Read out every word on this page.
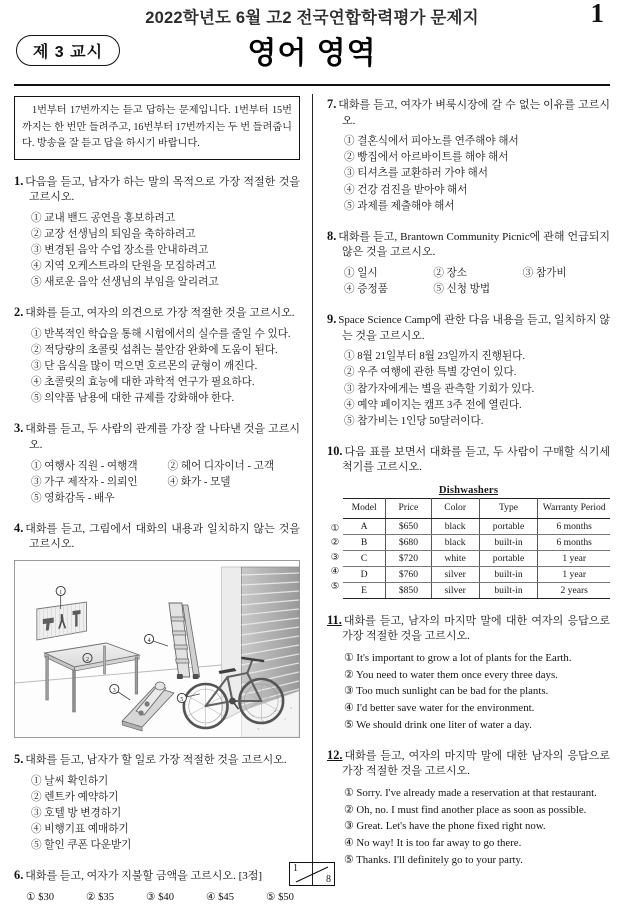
2022학년도 6월 고2 전국연합학력평가 문제지	1
제 3 교시	영어 영역
1번부터 17번까지는 듣고 답하는 문제입니다. 1번부터 15번까지는 한 번만 들려주고, 16번부터 17번까지는 두 번 들려줍니다. 방송을 잘 듣고 답을 하시기 바랍니다.
1. 다음을 듣고, 남자가 하는 말의 목적으로 가장 적절한 것을 고르시오.
① 교내 밴드 공연을 홍보하려고
② 교장 선생님의 퇴임을 축하하려고
③ 변경된 음악 수업 장소를 안내하려고
④ 지역 오케스트라의 단원을 모집하려고
⑤ 새로운 음악 선생님의 부임을 알리려고
2. 대화를 듣고, 여자의 의견으로 가장 적절한 것을 고르시오.
① 반복적인 학습을 통해 시험에서의 실수를 줄일 수 있다.
② 적당량의 초콜릿 섭취는 불안감 완화에 도움이 된다.
③ 단 음식을 많이 먹으면 호르몬의 균형이 깨진다.
④ 초콜릿의 효능에 대한 과학적 연구가 필요하다.
⑤ 의약품 남용에 대한 규제를 강화해야 한다.
3. 대화를 듣고, 두 사람의 관계를 가장 잘 나타낸 것을 고르시오.
① 여행사 직원 - 여행객	② 헤어 디자이너 - 고객
③ 가구 제작자 - 의뢰인	④ 화가 - 모델
⑤ 영화감독 - 배우
4. 대화를 듣고, 그림에서 대화의 내용과 일치하지 않는 것을 고르시오.
1
2
3
4
5
5. 대화를 듣고, 남자가 할 일로 가장 적절한 것을 고르시오.
① 날씨 확인하기
② 렌트카 예약하기
③ 호텔 방 변경하기
④ 비행기표 예매하기
⑤ 할인 쿠폰 다운받기
6. 대화를 듣고, 여자가 지불할 금액을 고르시오. [3점]
① $30	② $35	③ $40	④ $45	⑤ $50
7. 대화를 듣고, 여자가 벼룩시장에 갈 수 없는 이유를 고르시오.
① 결혼식에서 피아노를 연주해야 해서
② 빵집에서 아르바이트를 해야 해서
③ 티셔츠를 교환하러 가야 해서
④ 건강 검진을 받아야 해서
⑤ 과제를 제출해야 해서
8. 대화를 듣고, Brantown Community Picnic에 관해 언급되지 않은 것을 고르시오.
① 일시	② 장소	③ 참가비
④ 증정품	⑤ 신청 방법
9. Space Science Camp에 관한 다음 내용을 듣고, 일치하지 않는 것을 고르시오.
① 8월 21일부터 8월 23일까지 진행된다.
② 우주 여행에 관한 특별 강연이 있다.
③ 참가자에게는 별을 관측할 기회가 있다.
④ 예약 페이지는 캠프 3주 전에 열린다.
⑤ 참가비는 1인당 50달러이다.
10. 다음 표를 보면서 대화를 듣고, 두 사람이 구매할 식기세척기를 고르시오.
Dishwashers
①
②
③
④
⑤
Model	Price	Color	Type	Warranty Period
A	$650	black	portable	6 months
B	$680	black	built-in	6 months
C	$720	white	portable	1 year
D	$760	silver	built-in	1 year
E	$850	silver	built-in	2 years
11. 대화를 듣고, 남자의 마지막 말에 대한 여자의 응답으로 가장 적절한 것을 고르시오.
① It's important to grow a lot of plants for the Earth.
② You need to water them once every three days.
③ Too much sunlight can be bad for the plants.
④ I'd better save water for the environment.
⑤ We should drink one liter of water a day.
12. 대화를 듣고, 여자의 마지막 말에 대한 남자의 응답으로 가장 적절한 것을 고르시오.
① Sorry. I've already made a reservation at that restaurant.
② Oh, no. I must find another place as soon as possible.
③ Great. Let's have the phone fixed right now.
④ No way! It is too far away to go there.
⑤ Thanks. I'll definitely go to your party.
1
8
